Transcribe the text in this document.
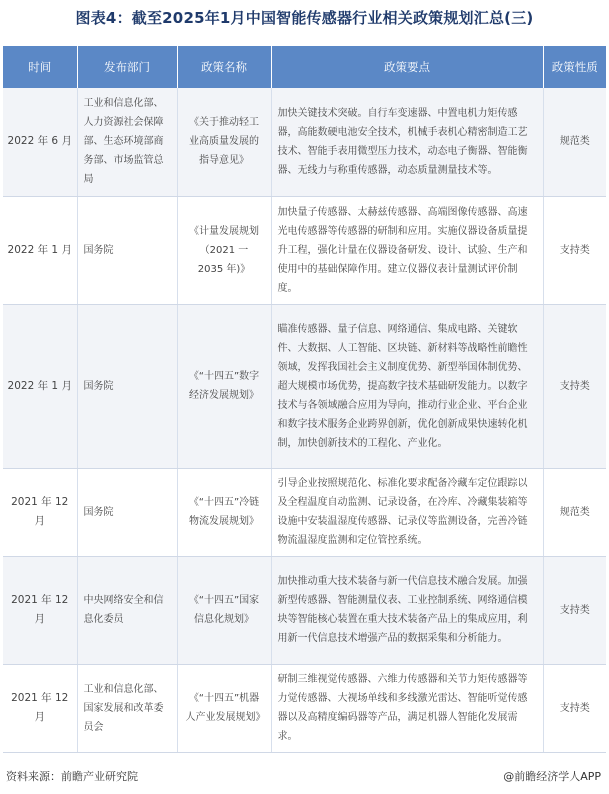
图表4：截至2025年1月中国智能传感器行业相关政策规划汇总(三)
时间	发布部门	政策名称	政策要点	政策性质
2022 年 6 月	工业和信息化部、人力资源社会保障部、生态环境部商务部、市场监管总局	《关于推动轻工业高质量发展的指导意见》	加快关键技术突破。自行车变速器、中置电机力矩传感器，高能数硬电池安全技术，机械手表机心精密制造工艺技术、智能手表用微型压力技术，动态电子衡器、智能衡器、无线力与称重传感器，动态质量测量技术等。	规范类
2022 年 1 月	国务院	《计量发展规划（2021 一 2035 年)》	加快量子传感器、太赫兹传感器、高端图像传感器、高速光电传感器等传感器的研制和应用。实施仪器设备质量提升工程，强化计量在仪器设备研发、设计、试验、生产和使用中的基础保障作用。建立仪器仪表计量测试评价制度。	支持类
2022 年 1 月	国务院	《“十四五”数字经济发展规划》	瞄准传感器、量子信息、网络通信、集成电路、关键软件、大数据、人工智能、区块链、新材料等战略性前瞻性领域，发挥我国社会主义制度优势、新型举国体制优势、超大规模市场优势，提高数字技术基础研发能力。以数字技术与各领域融合应用为导向，推动行业企业、平台企业和数字技术服务企业跨界创新，优化创新成果快速转化机制，加快创新技术的工程化、产业化。	支持类
2021 年 12 月	国务院	《“十四五”冷链物流发展规划》	引导企业按照规范化、标准化要求配备冷藏车定位跟踪以及全程温度自动监测、记录设备，在冷库、冷藏集装箱等设施中安装温湿度传感器、记录仪等监测设备，完善冷链物流温湿度监测和定位管控系统。	规范类
2021 年 12 月	中央网络安全和信息化委员	《“十四五”国家信息化规划》	加快推动重大技术装备与新一代信息技术融合发展。加强新型传感器、智能测量仪表、工业控制系统、网络通信模块等智能核心装置在重大技术装备产品上的集成应用，利用新一代信息技术增强产品的数据采集和分析能力。	支持类
2021 年 12 月	工业和信息化部、国家发展和改革委员会	《“十四五”机器人产业发展规划》	研制三维视觉传感器、六维力传感器和关节力矩传感器等力觉传感器、大视场单线和多线激光雷达、智能听觉传感器以及高精度编码器等产品，满足机器人智能化发展需求。	支持类
资料来源：前瞻产业研究院	@前瞻经济学人APP
